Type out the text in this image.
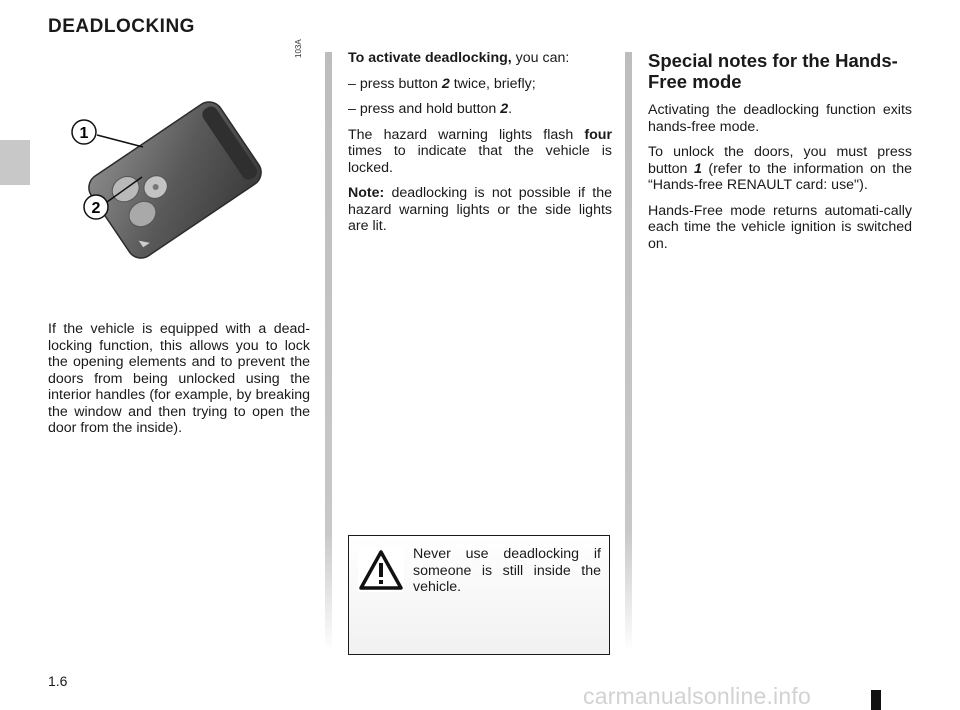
DEADLOCKING
103A
1
2

If the vehicle is equipped with a dead-locking function, this allows you to lock the opening elements and to prevent the doors from being unlocked using the interior handles (for example, by breaking the window and then trying to open the door from the inside).

To activate deadlocking, you can:

– press button 2 twice, briefly;

– press and hold button 2.

The hazard warning lights flash four times to indicate that the vehicle is locked.

Note: deadlocking is not possible if the hazard warning lights or the side lights are lit.

Never use deadlocking if someone is still inside the vehicle.
Special notes for the Hands-Free mode

Activating the deadlocking function exits hands-free mode.

To unlock the doors, you must press button 1 (refer to the information on the “Hands-free RENAULT card: use").

Hands-Free mode returns automati-cally each time the vehicle ignition is switched on.

1.6
carmanualsonline.info
